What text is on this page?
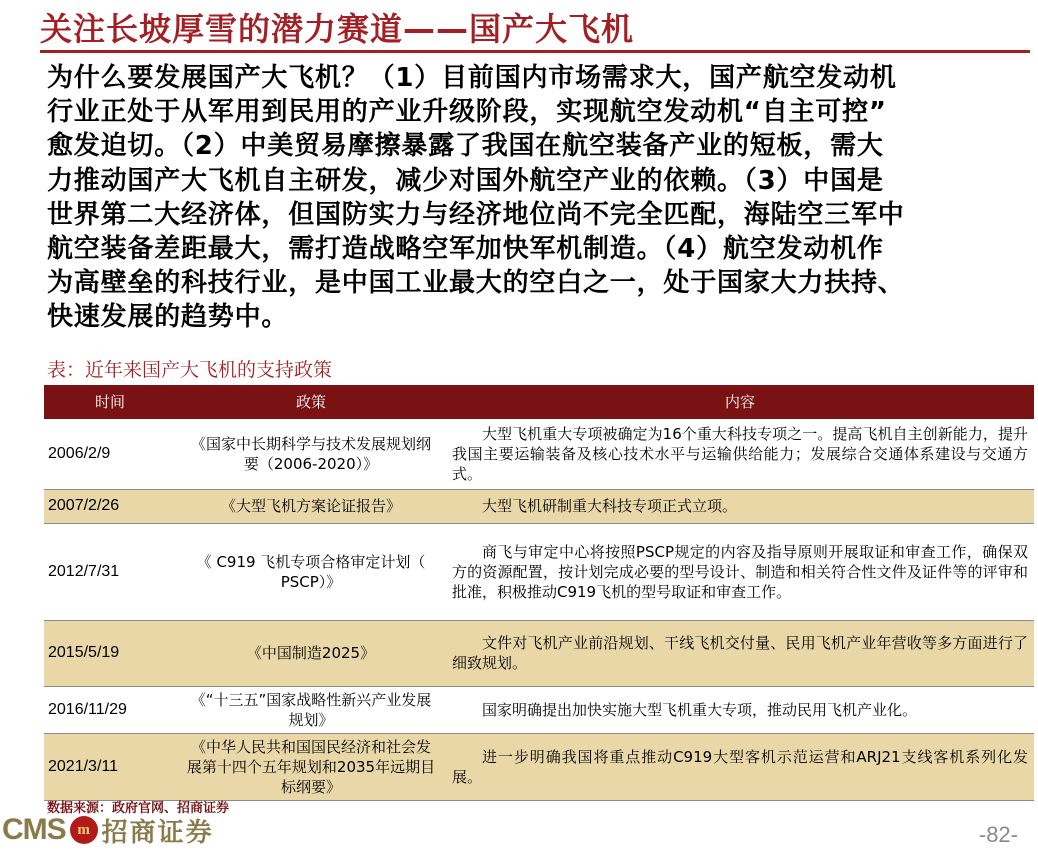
关注长坡厚雪的潜力赛道——国产大飞机

为什么要发展国产大飞机？（1）目前国内市场需求大，国产航空发动机

行业正处于从军用到民用的产业升级阶段，实现航空发动机“自主可控”

愈发迫切。（2）中美贸易摩擦暴露了我国在航空装备产业的短板，需大

力推动国产大飞机自主研发，减少对国外航空产业的依赖。（3）中国是

世界第二大经济体，但国防实力与经济地位尚不完全匹配，海陆空三军中

航空装备差距最大，需打造战略空军加快军机制造。（4）航空发动机作

为高壁垒的科技行业，是中国工业最大的空白之一，处于国家大力扶持、

快速发展的趋势中。

表：近年来国产大飞机的支持政策
时间	政策	内容
2006/2/9	《国家中长期科学与技术发展规划纲要（2006-2020）》	大型飞机重大专项被确定为16个重大科技专项之一。提高飞机自主创新能力，提升我国主要运输装备及核心技术水平与运输供给能力；发展综合交通体系建设与交通方式。
2007/2/26	《大型飞机方案论证报告》	大型飞机研制重大科技专项正式立项。
2012/7/31	《 C919 飞机专项合格审定计划（ PSCP）》	商飞与审定中心将按照PSCP规定的内容及指导原则开展取证和审查工作，确保双方的资源配置，按计划完成必要的型号设计、制造和相关符合性文件及证件等的评审和批准，积极推动C919飞机的型号取证和审查工作。
2015/5/19	《中国制造2025》	文件对飞机产业前沿规划、干线飞机交付量、民用飞机产业年营收等多方面进行了细致规划。
2016/11/29	《“十三五”国家战略性新兴产业发展规划》	国家明确提出加快实施大型飞机重大专项，推动民用飞机产业化。
2021/3/11	《中华人民共和国国民经济和社会发展第十四个五年规划和2035年远期目标纲要》	进一步明确我国将重点推动C919大型客机示范运营和ARJ21支线客机系列化发展。
数据来源：政府官网、招商证券
CMS m 招商证券	-82-
